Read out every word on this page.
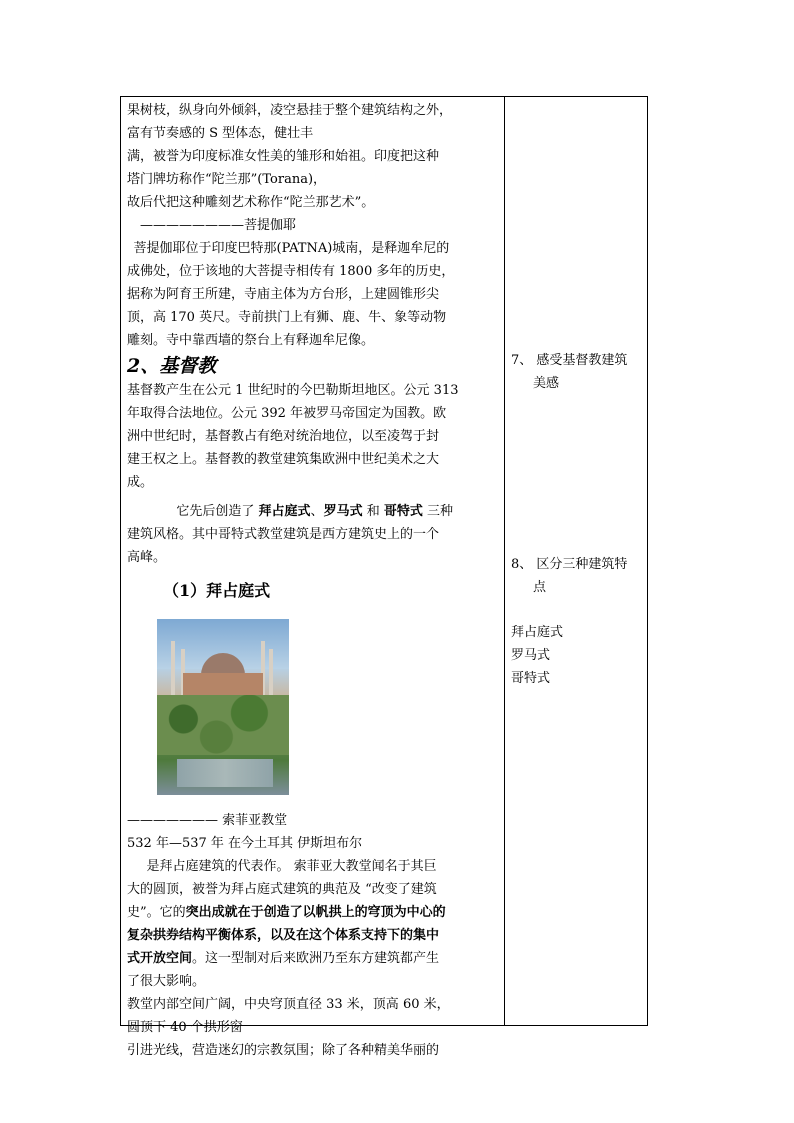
果树枝，纵身向外倾斜，凌空悬挂于整个建筑结构之外，

富有节奏感的 S 型体态，健壮丰

满，被誉为印度标准女性美的雏形和始祖。印度把这种

塔门牌坊称作“陀兰那”(Torana)，

故后代把这种雕刻艺术称作“陀兰那艺术”。

————————菩提伽耶

菩提伽耶位于印度巴特那(PATNA)城南，是释迦牟尼的

成佛处，位于该地的大菩提寺相传有 1800 多年的历史，

据称为阿育王所建，寺庙主体为方台形，上建圆锥形尖

顶，高 170 英尺。寺前拱门上有狮、鹿、牛、象等动物

雕刻。寺中靠西墙的祭台上有释迦牟尼像。

2、基督教

基督教产生在公元 1 世纪时的今巴勒斯坦地区。公元 313

年取得合法地位。公元 392 年被罗马帝国定为国教。欧

洲中世纪时，基督教占有绝对统治地位，以至凌驾于封

建王权之上。基督教的教堂建筑集欧洲中世纪美术之大

成。

它先后创造了 拜占庭式、罗马式 和 哥特式 三种

建筑风格。其中哥特式教堂建筑是西方建筑史上的一个

高峰。

（1）拜占庭式

——————— 索菲亚教堂

532 年—537 年 在今土耳其 伊斯坦布尔

是拜占庭建筑的代表作。 索菲亚大教堂闻名于其巨

大的圆顶，被誉为拜占庭式建筑的典范及 “改变了建筑

史”。它的突出成就在于创造了以帆拱上的穹顶为中心的

复杂拱券结构平衡体系，以及在这个体系支持下的集中

式开放空间。这一型制对后来欧洲乃至东方建筑都产生

了很大影响。

教堂内部空间广阔，中央穹顶直径 33 米，顶高 60 米，

圆顶下 40 个拱形窗

引进光线，营造迷幻的宗教氛围；除了各种精美华丽的

7、 感受基督教建筑

美感

8、 区分三种建筑特

点

拜占庭式

罗马式

哥特式
